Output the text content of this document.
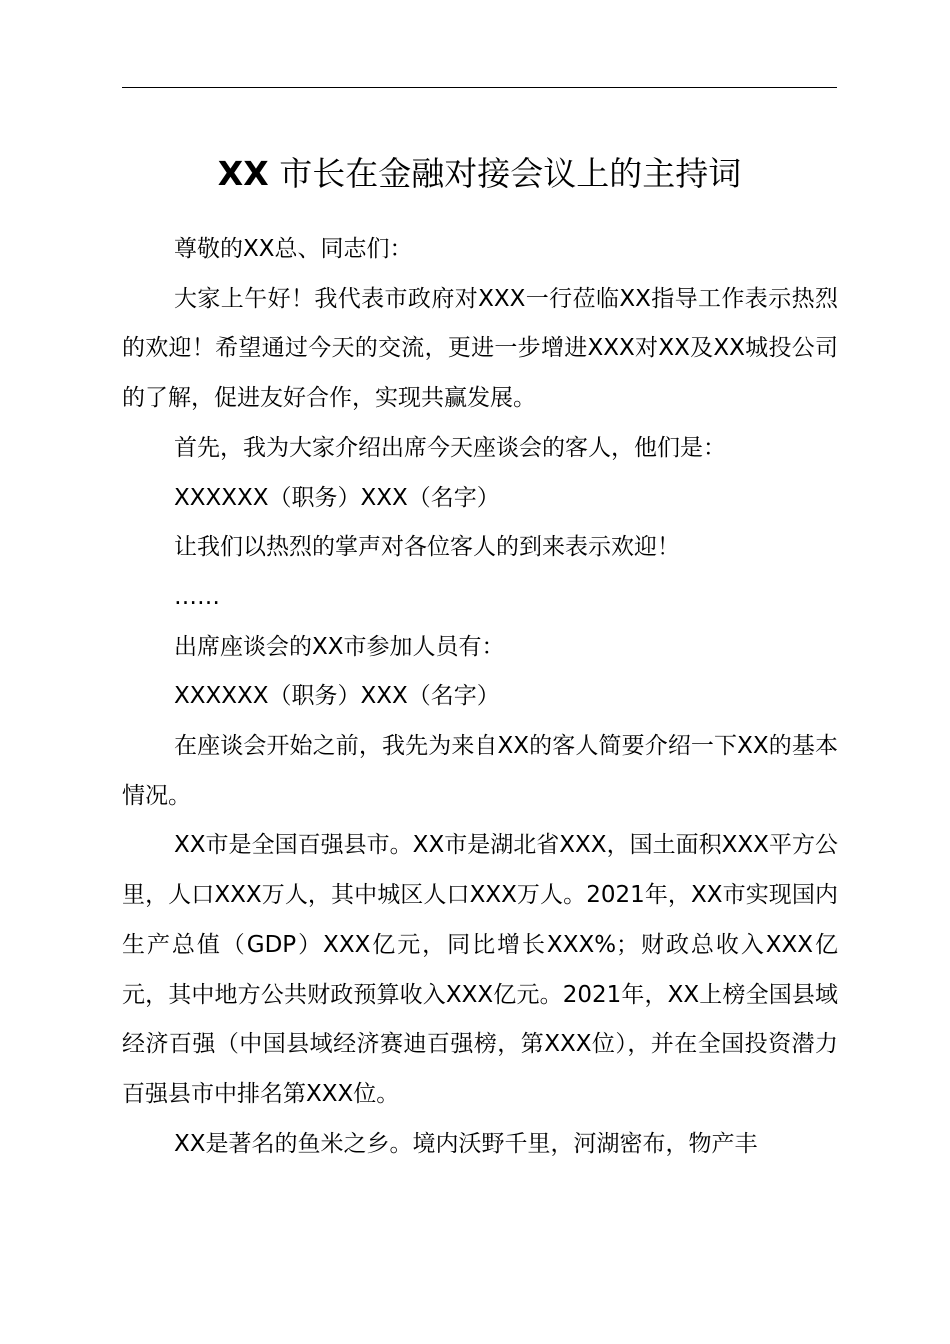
XX 市长在金融对接会议上的主持词

尊敬的XX总、同志们：

大家上午好！我代表市政府对XXX一行莅临XX指导工作表示热烈的欢迎！希望通过今天的交流，更进一步增进XXX对XX及XX城投公司的了解，促进友好合作，实现共赢发展。

首先，我为大家介绍出席今天座谈会的客人，他们是：

XXXXXX（职务）XXX（名字）

让我们以热烈的掌声对各位客人的到来表示欢迎！

……

出席座谈会的XX市参加人员有：

XXXXXX（职务）XXX（名字）

在座谈会开始之前，我先为来自XX的客人简要介绍一下XX的基本情况。

XX市是全国百强县市。XX市是湖北省XXX，国土面积XXX平方公里，人口XXX万人，其中城区人口XXX万人。2021年，XX市实现国内生产总值（GDP）XXX亿元，同比增长XXX%；财政总收入XXX亿元，其中地方公共财政预算收入XXX亿元。2021年，XX上榜全国县域经济百强（中国县域经济赛迪百强榜，第XXX位），并在全国投资潜力百强县市中排名第XXX位。

XX是著名的鱼米之乡。境内沃野千里，河湖密布，物产丰
